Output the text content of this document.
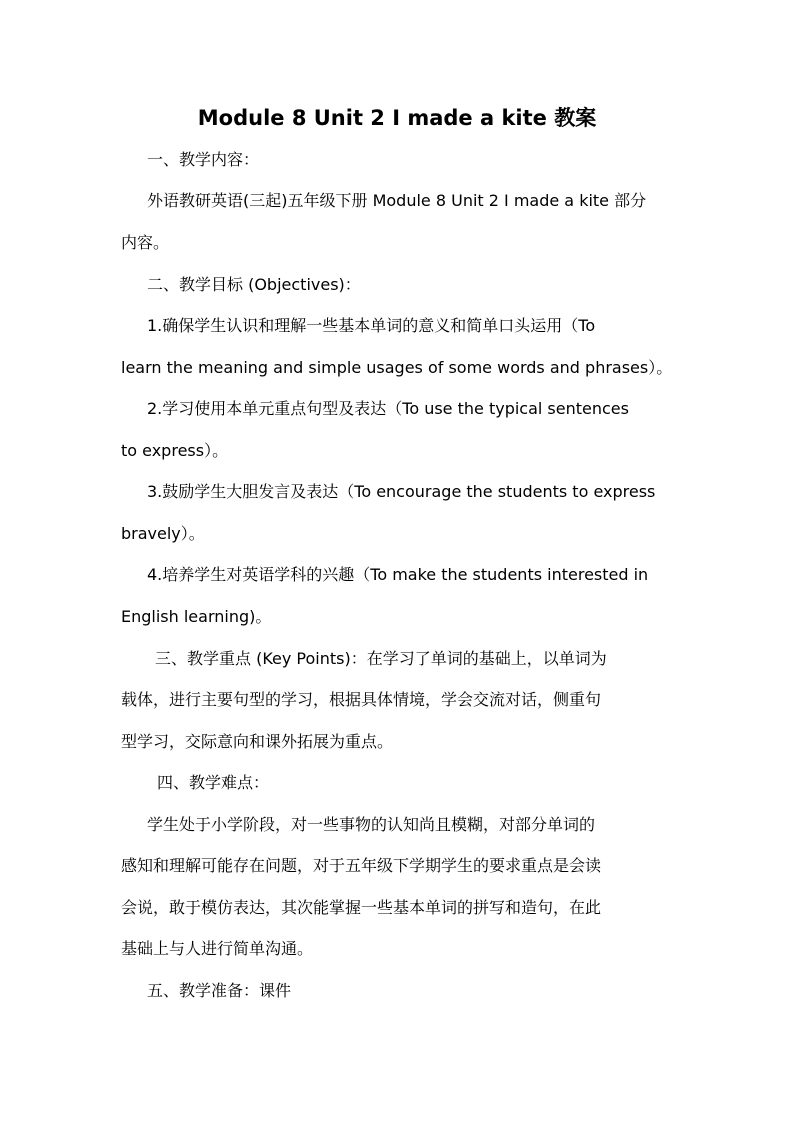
Module 8 Unit 2 I made a kite 教案
一、教学内容：
外语教研英语(三起)五年级下册 Module 8 Unit 2 I made a kite 部分
内容。
二、教学目标 (Objectives)：
1.确保学生认识和理解一些基本单词的意义和简单口头运用（To
learn the meaning and simple usages of some words and phrases）。
2.学习使用本单元重点句型及表达（To use the typical sentences
to express）。
3.鼓励学生大胆发言及表达（To encourage the students to express
bravely）。
4.培养学生对英语学科的兴趣（To make the students interested in
English learning)。
三、教学重点 (Key Points)：在学习了单词的基础上，以单词为
载体，进行主要句型的学习，根据具体情境，学会交流对话，侧重句
型学习，交际意向和课外拓展为重点。
四、教学难点：
学生处于小学阶段，对一些事物的认知尚且模糊，对部分单词的
感知和理解可能存在问题，对于五年级下学期学生的要求重点是会读
会说，敢于模仿表达，其次能掌握一些基本单词的拼写和造句，在此
基础上与人进行简单沟通。
五、教学准备：课件
